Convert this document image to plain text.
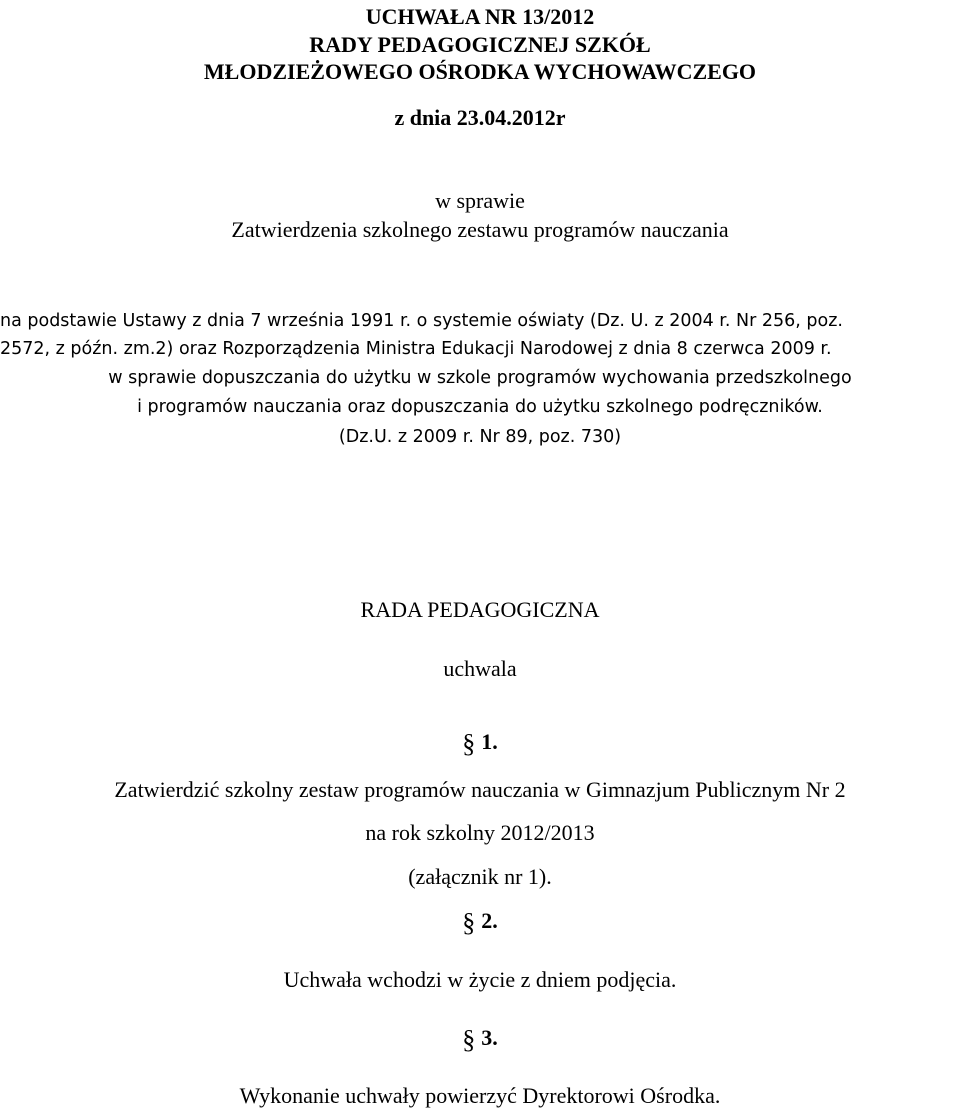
UCHWAŁA NR 13/2012
RADY PEDAGOGICZNEJ SZKÓŁ
MŁODZIEŻOWEGO OŚRODKA WYCHOWAWCZEGO
z dnia 23.04.2012r
w sprawie
Zatwierdzenia szkolnego zestawu programów nauczania
na podstawie Ustawy z dnia 7 września 1991 r. o systemie oświaty (Dz. U. z 2004 r. Nr 256, poz.
2572, z późn. zm.2) oraz Rozporządzenia Ministra Edukacji Narodowej z dnia 8 czerwca 2009 r.
w sprawie dopuszczania do użytku w szkole programów wychowania przedszkolnego
i programów nauczania oraz dopuszczania do użytku szkolnego podręczników.
(Dz.U. z 2009 r. Nr 89, poz. 730)
RADA PEDAGOGICZNA
uchwala
§ 1.
Zatwierdzić szkolny zestaw programów nauczania w Gimnazjum Publicznym Nr 2
na rok szkolny 2012/2013
(załącznik nr 1).
§ 2.
Uchwała wchodzi w życie z dniem podjęcia.
§ 3.
Wykonanie uchwały powierzyć Dyrektorowi Ośrodka.
